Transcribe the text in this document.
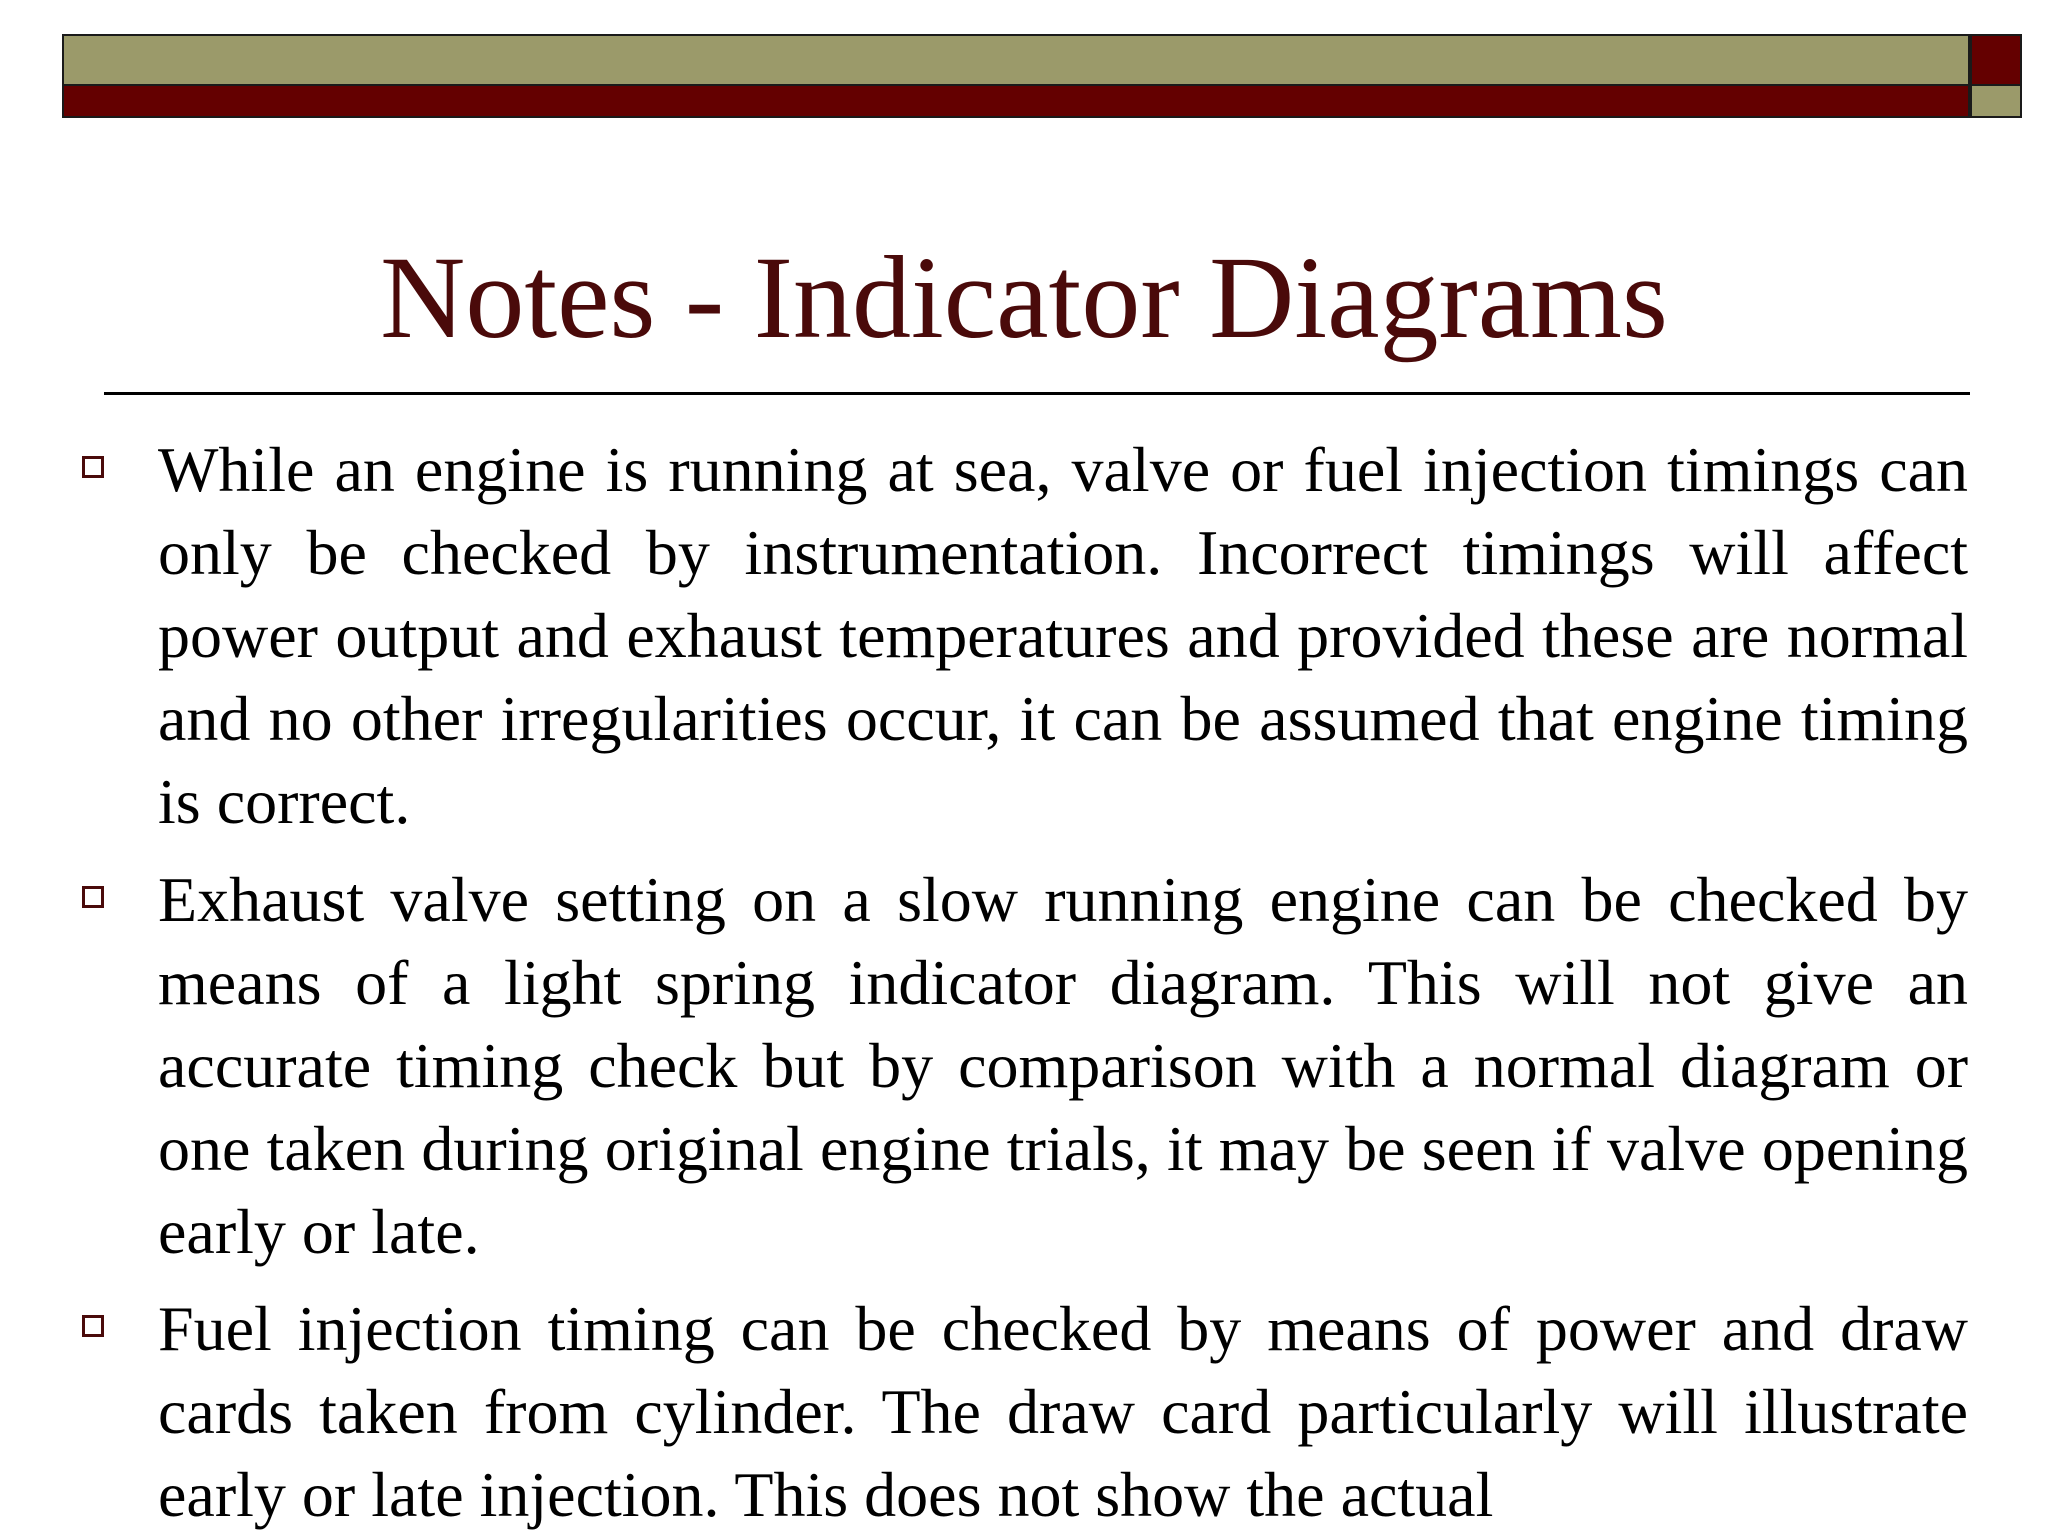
Notes - Indicator Diagrams

While an engine is running at sea, valve or fuel injection timings can only be checked by instrumentation. Incorrect timings will affect power output and exhaust temperatures and provided these are normal and no other irregularities occur, it can be assumed that engine timing is correct.

Exhaust valve setting on a slow running engine can be checked by means of a light spring indicator diagram. This will not give an accurate timing check but by comparison with a normal diagram or one taken during original engine trials, it may be seen if valve opening early or late.

Fuel injection timing can be checked by means of power and draw cards taken from cylinder. The draw card particularly will illustrate early or late injection. This does not show the actual
